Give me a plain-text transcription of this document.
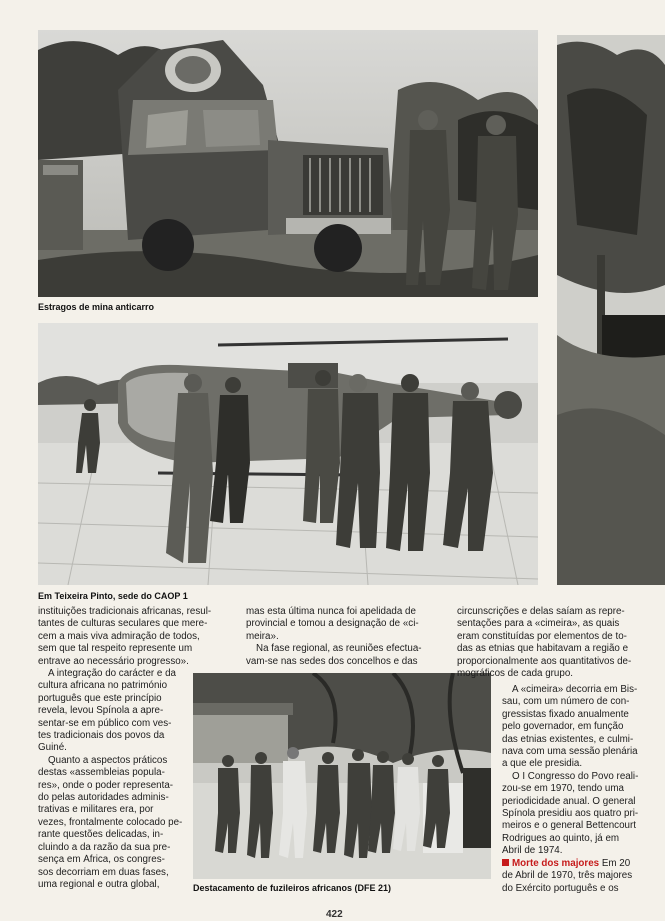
Estragos de mina anticarro
Em Teixeira Pinto, sede do CAOP 1

instituições tradicionais africanas, resul-
tantes de culturas seculares que mere-
cem a mais viva admiração de todos,
sem que tal respeito represente um
entrave ao necessário progresso».

A integração do carácter e da
cultura africana no património
português que este princípio
revela, levou Spínola a apre-
sentar-se em público com ves-
tes tradicionais dos povos da
Guiné.

Quanto a aspectos práticos
destas «assembleias popula-
res», onde o poder representa-
do pelas autoridades adminis-
trativas e militares era, por
vezes, frontalmente colocado pe-
rante questões delicadas, in-
cluindo a da razão da sua pre-
sença em África, os congres-
sos decorriam em duas fases,
uma regional e outra global,

mas esta última nunca foi apelidada de
provincial e tomou a designação de «ci-
meira».

Na fase regional, as reuniões efectua-
vam-se nas sedes dos concelhos e das

Destacamento de fuzileiros africanos (DFE 21)

circunscrições e delas saíam as repre-
sentações para a «cimeira», as quais
eram constituídas por elementos de to-
das as etnias que habitavam a região e
proporcionalmente aos quantitativos de-
mográficos de cada grupo.

A «cimeira» decorria em Bis-
sau, com um número de con-
gressistas fixado anualmente
pelo governador, em função
das etnias existentes, e culmi-
nava com uma sessão plenária
a que ele presidia.

O I Congresso do Povo reali-
zou-se em 1970, tendo uma
periodicidade anual. O general
Spínola presidiu aos quatro pri-
meiros e o general Bettencourt
Rodrigues ao quinto, já em
Abril de 1974.

Morte dos majores Em 20
de Abril de 1970, três majores
do Exército português e os

422
